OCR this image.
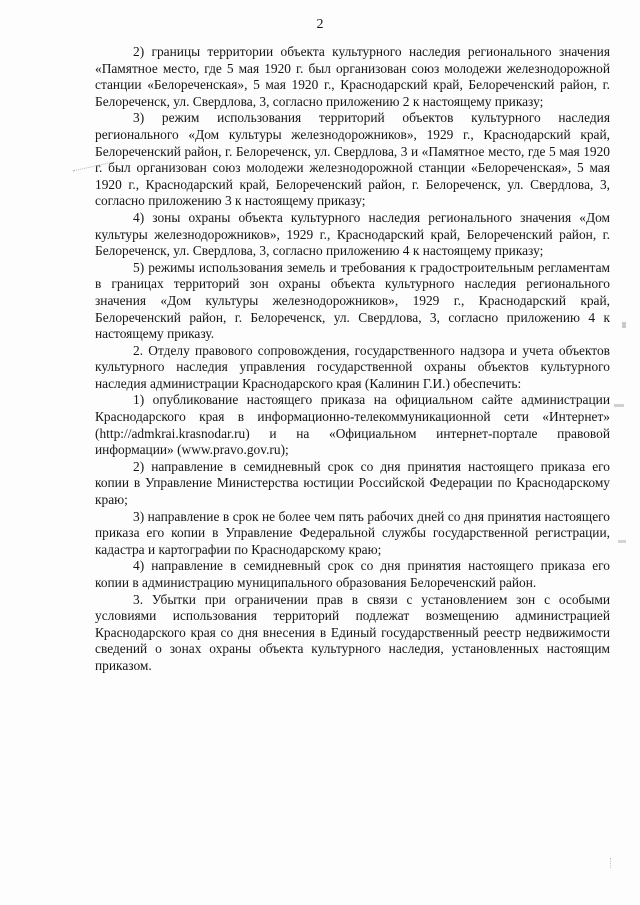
2

2) границы территории объекта культурного наследия регионального значения «Памятное место, где 5 мая 1920 г. был организован союз молодежи железнодорожной станции «Белореченская», 5 мая 1920 г., Краснодарский край, Белореченский район, г. Белореченск, ул. Свердлова, 3, согласно приложению 2 к настоящему приказу;

3) режим использования территорий объектов культурного наследия регионального «Дом культуры железнодорожников», 1929 г., Краснодарский край, Белореченский район, г. Белореченск, ул. Свердлова, 3 и «Памятное место, где 5 мая 1920 г. был организован союз молодежи железнодорожной станции «Белореченская», 5 мая 1920 г., Краснодарский край, Белореченский район, г. Белореченск, ул. Свердлова, 3, согласно приложению 3 к настоящему приказу;

4) зоны охраны объекта культурного наследия регионального значения «Дом культуры железнодорожников», 1929 г., Краснодарский край, Белореченский район, г. Белореченск, ул. Свердлова, 3, согласно приложению 4 к настоящему приказу;

5) режимы использования земель и требования к градостроительным регламентам в границах территорий зон охраны объекта культурного наследия регионального значения «Дом культуры железнодорожников», 1929 г., Краснодарский край, Белореченский район, г. Белореченск, ул. Свердлова, 3, согласно приложению 4 к настоящему приказу.

2. Отделу правового сопровождения, государственного надзора и учета объектов культурного наследия управления государственной охраны объектов культурного наследия администрации Краснодарского края (Калинин Г.И.) обеспечить:

1) опубликование настоящего приказа на официальном сайте администрации Краснодарского края в информационно-телекоммуникационной сети «Интернет» (http://admkrai.krasnodar.ru) и на «Официальном интернет-портале правовой информации» (www.pravo.gov.ru);

2) направление в семидневный срок со дня принятия настоящего приказа его копии в Управление Министерства юстиции Российской Федерации по Краснодарскому краю;

3) направление в срок не более чем пять рабочих дней со дня принятия настоящего приказа его копии в Управление Федеральной службы государственной регистрации, кадастра и картографии по Краснодарскому краю;

4) направление в семидневный срок со дня принятия настоящего приказа его копии в администрацию муниципального образования Белореченский район.

3. Убытки при ограничении прав в связи с установлением зон с особыми условиями использования территорий подлежат возмещению администрацией Краснодарского края со дня внесения в Единый государственный реестр недвижимости сведений о зонах охраны объекта культурного наследия, установленных настоящим приказом.
